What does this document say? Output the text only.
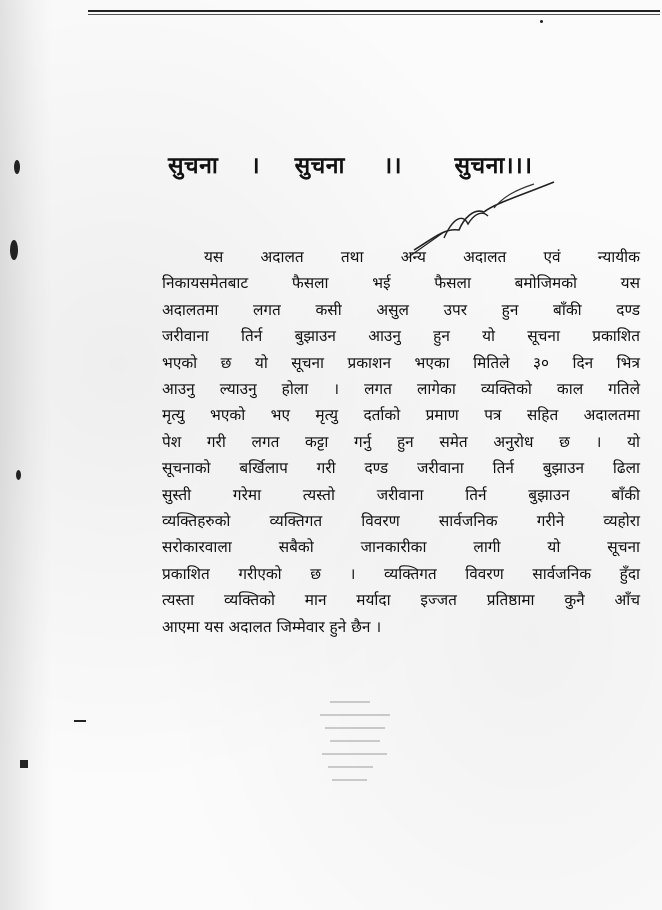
सुचना । सुचना ।। सुचना।।।
यस अदालत तथा अन्य अदालत एवं न्यायीक
निकायसमेतबाट फैसला भई फैसला बमोजिमको यस
अदालतमा लगत कसी असुल उपर हुन बाँकी दण्ड
जरीवाना तिर्न बुझाउन आउनु हुन यो सूचना प्रकाशित
भएको छ यो सूचना प्रकाशन भएका मितिले ३० दिन भित्र
आउनु ल्याउनु होला । लगत लागेका व्यक्तिको काल गतिले
मृत्यु भएको भए मृत्यु दर्ताको प्रमाण पत्र सहित अदालतमा
पेश गरी लगत कट्टा गर्नु हुन समेत अनुरोध छ । यो
सूचनाको बर्खिलाप गरी दण्ड जरीवाना तिर्न बुझाउन ढिला
सुस्ती गरेमा त्यस्तो जरीवाना तिर्न बुझाउन बाँकी
व्यक्तिहरुको व्यक्तिगत विवरण सार्वजनिक गरीने व्यहोरा
सरोकारवाला सबैको जानकारीका लागी यो सूचना
प्रकाशित गरीएको छ । व्यक्तिगत विवरण सार्वजनिक हुँदा
त्यस्ता व्यक्तिको मान मर्यादा इज्जत प्रतिष्ठामा कुनै आँच
आएमा यस अदालत जिम्मेवार हुने छैन ।
